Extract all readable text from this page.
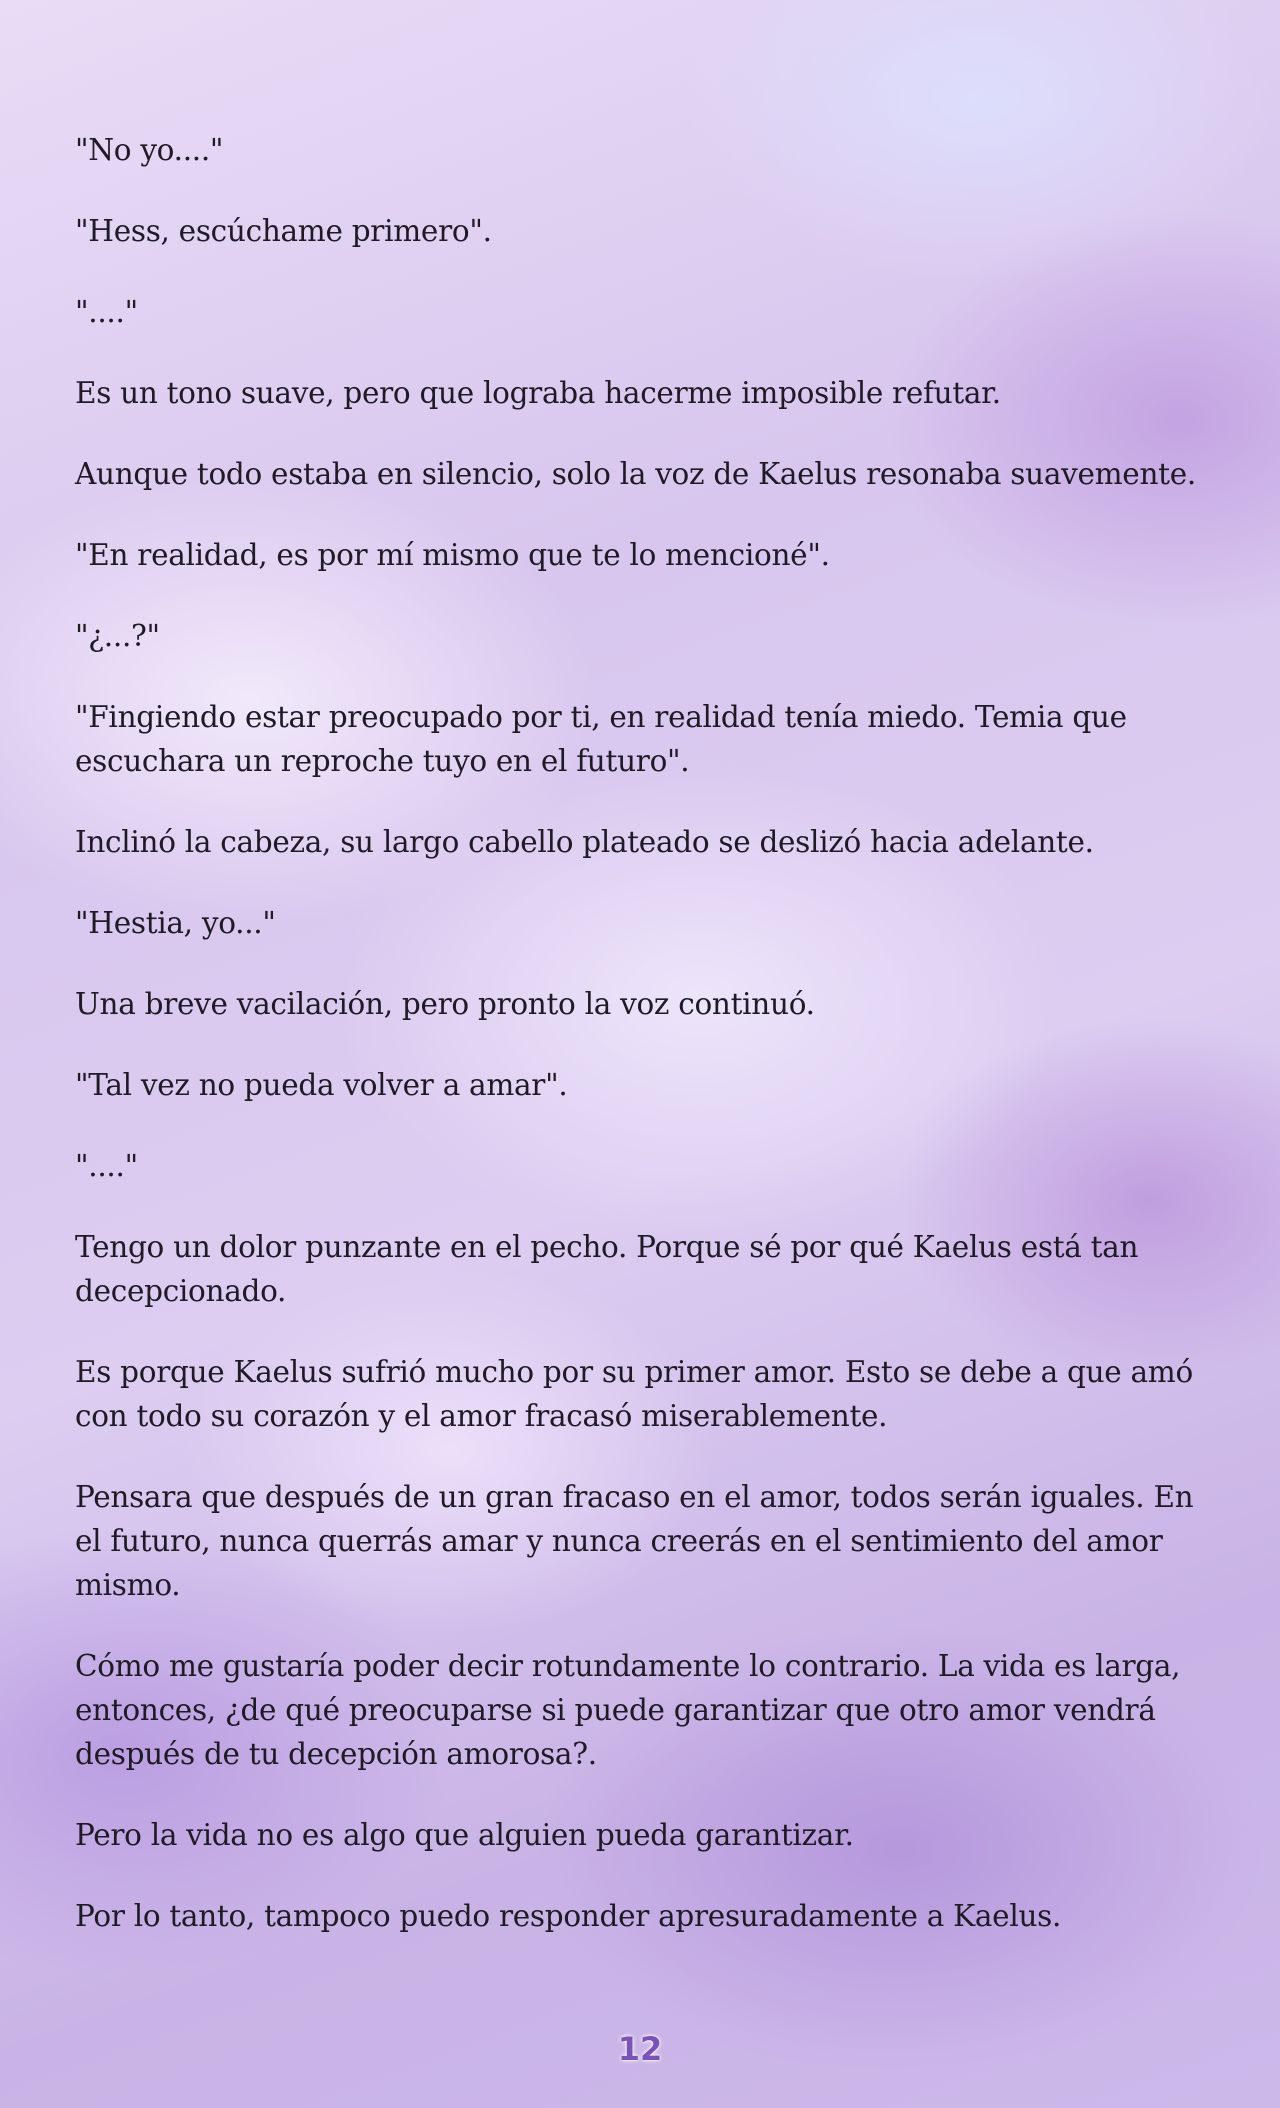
"No yo...."

"Hess, escúchame primero".

"...."

Es un tono suave, pero que lograba hacerme imposible refutar.

Aunque todo estaba en silencio, solo la voz de Kaelus resonaba suavemente.

"En realidad, es por mí mismo que te lo mencioné".

"¿...?"

"Fingiendo estar preocupado por ti, en realidad tenía miedo. Temia que escuchara un reproche tuyo en el futuro".

Inclinó la cabeza, su largo cabello plateado se deslizó hacia adelante.

"Hestia, yo..."

Una breve vacilación, pero pronto la voz continuó.

"Tal vez no pueda volver a amar".

"...."

Tengo un dolor punzante en el pecho. Porque sé por qué Kaelus está tan decepcionado.

Es porque Kaelus sufrió mucho por su primer amor. Esto se debe a que amó con todo su corazón y el amor fracasó miserablemente.

Pensara que después de un gran fracaso en el amor, todos serán iguales. En el futuro, nunca querrás amar y nunca creerás en el sentimiento del amor mismo.

Cómo me gustaría poder decir rotundamente lo contrario. La vida es larga, entonces, ¿de qué preocuparse si puede garantizar que otro amor vendrá después de tu decepción amorosa?.

Pero la vida no es algo que alguien pueda garantizar.

Por lo tanto, tampoco puedo responder apresuradamente a Kaelus.

12
